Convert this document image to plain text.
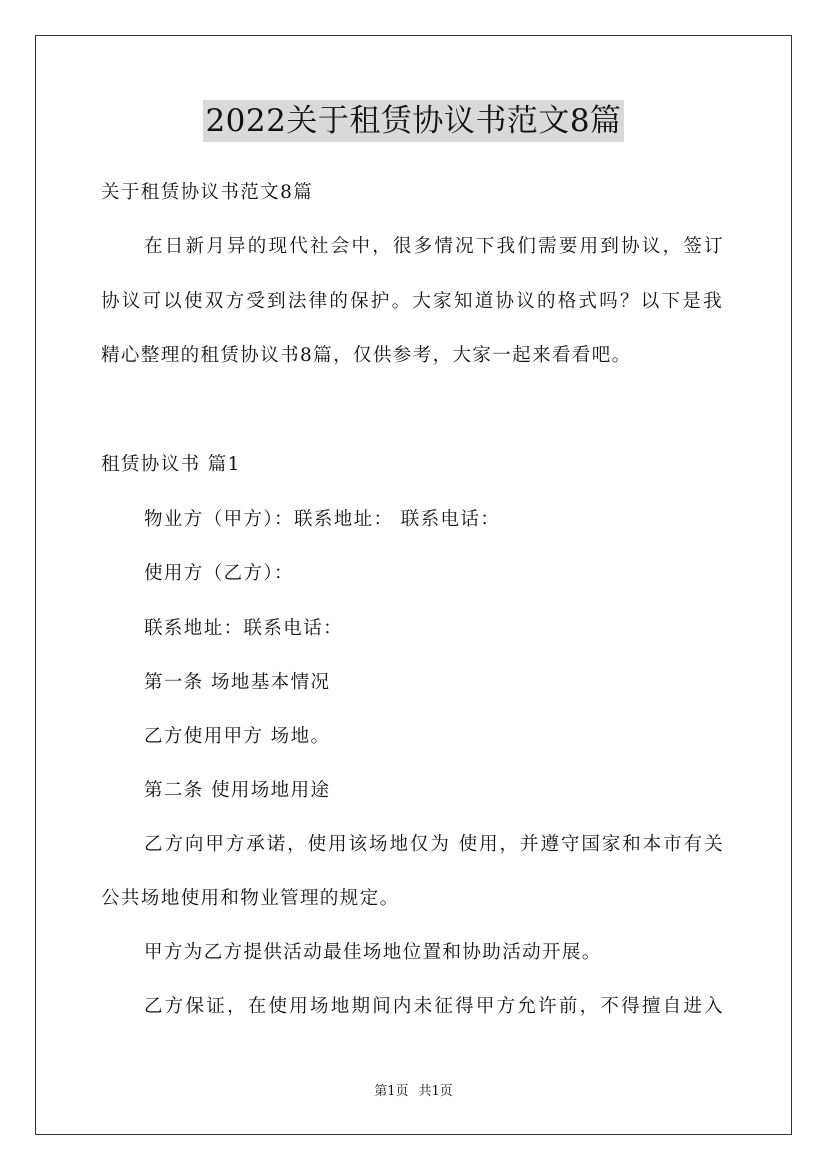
2022关于租赁协议书范文8篇
关于租赁协议书范文8篇
在日新月异的现代社会中，很多情况下我们需要用到协议，签订
协议可以使双方受到法律的保护。大家知道协议的格式吗？以下是我
精心整理的租赁协议书8篇，仅供参考，大家一起来看看吧。
租赁协议书 篇1
物业方（甲方）：联系地址： 联系电话：
使用方（乙方）：
联系地址：联系电话：
第一条 场地基本情况
乙方使用甲方 场地。
第二条 使用场地用途
乙方向甲方承诺，使用该场地仅为 使用，并遵守国家和本市有关
公共场地使用和物业管理的规定。
甲方为乙方提供活动最佳场地位置和协助活动开展。
乙方保证，在使用场地期间内未征得甲方允许前，不得擅自进入
第1页 共1页
